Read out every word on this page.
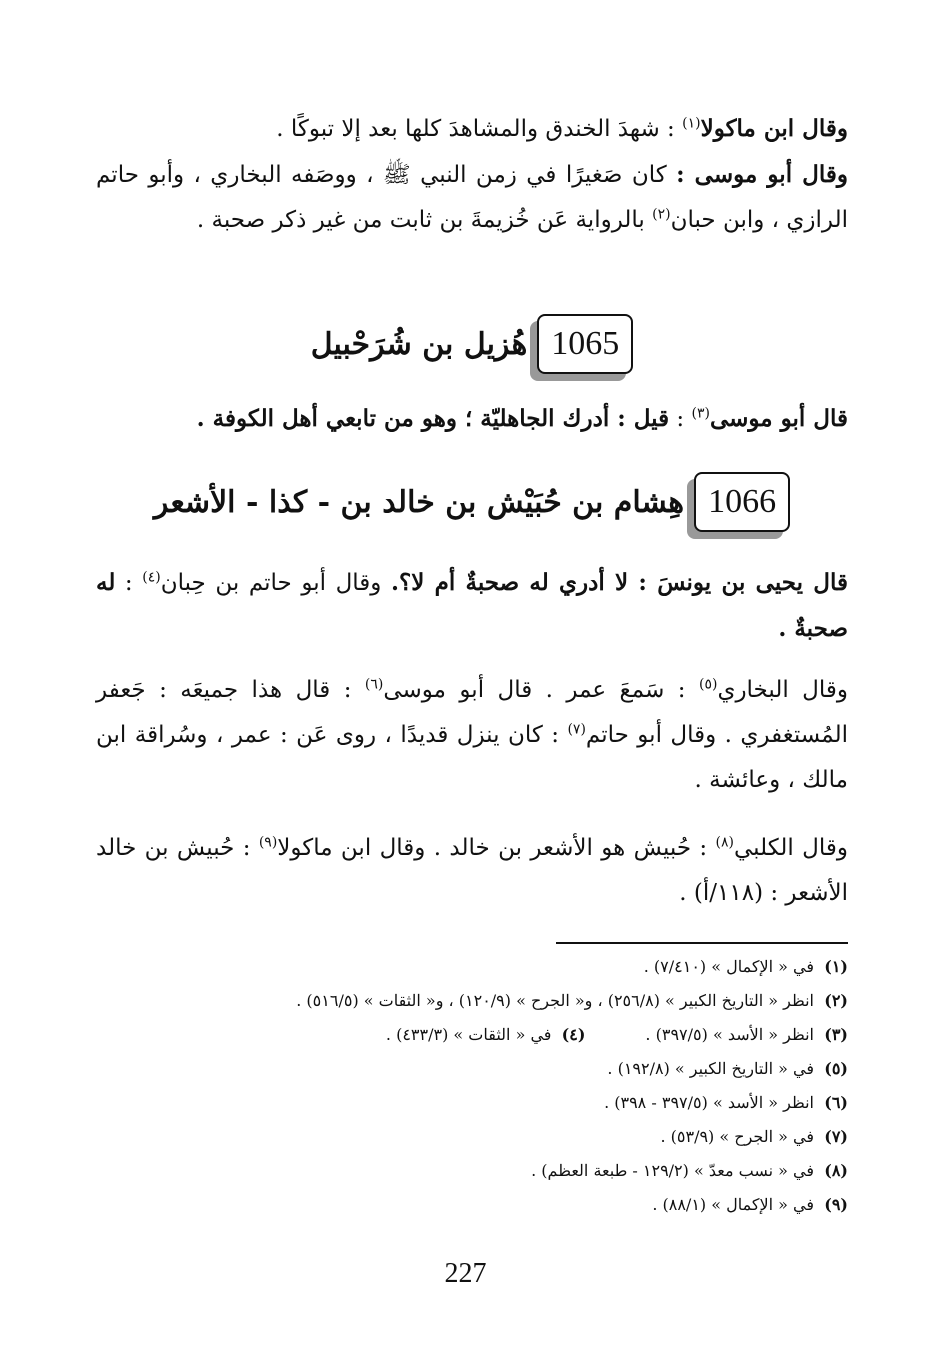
وقال ابن ماكولا$^{(١)}$ : شهدَ الخندق والمشاهدَ كلها بعد إلا تبوكًا .

وقال أبو موسى : كان صَغيرًا في زمن النبي ﷺ ، ووصَفه البخاري ، وأبو حاتم الرازي ، وابن حبان$^{(٢)}$ بالرواية عَن خُزيمةَ بن ثابت من غير ذكر صحبة .

1065
هُزيل بن شُرَحْبيل

قال أبو موسى$^{(٣)}$ : قيل : أدرك الجاهليّة ؛ وهو من تابعي أهل الكوفة .

1066
هِشام بن حُبَيْش بن خالد بن - كذا - الأشعر

قال يحيى بن يونسَ : لا أدري له صحبةٌ أم لا؟. وقال أبو حاتم بن حِبان$^{(٤)}$ : له صحبةٌ .

وقال البخاري$^{(٥)}$ : سَمعَ عمر . قال أبو موسى$^{(٦)}$ : قال هذا جميعَه : جَعفر المُستغفري . وقال أبو حاتم$^{(٧)}$ : كان ينزل قديدًا ، روى عَن : عمر ، وسُراقة ابن مالك ، وعائشة .

وقال الكلبي$^{(٨)}$ : حُبيش هو الأشعر بن خالد . وقال ابن ماكولا$^{(٩)}$ : حُبيش بن خالد الأشعر : (١١٨/أ) .

(١)في « الإكمال » (٧/٤١٠) .
(٢)انظر « التاريخ الكبير » (٢٥٦/٨) ، و« الجرح » (١٢٠/٩) ، و« الثقات » (٥١٦/٥) .
(٣)انظر « الأسد » (٣٩٧/٥) .
(٤)في « الثقات » (٤٣٣/٣) .
(٥)في « التاريخ الكبير » (١٩٢/٨) .
(٦)انظر « الأسد » (٣٩٧/٥ - ٣٩٨) .
(٧)في « الجرح » (٥٣/٩) .
(٨)في « نسب معدّ » (١٢٩/٢ - طبعة العظم) .
(٩)في « الإكمال » (٨٨/١) .
227
